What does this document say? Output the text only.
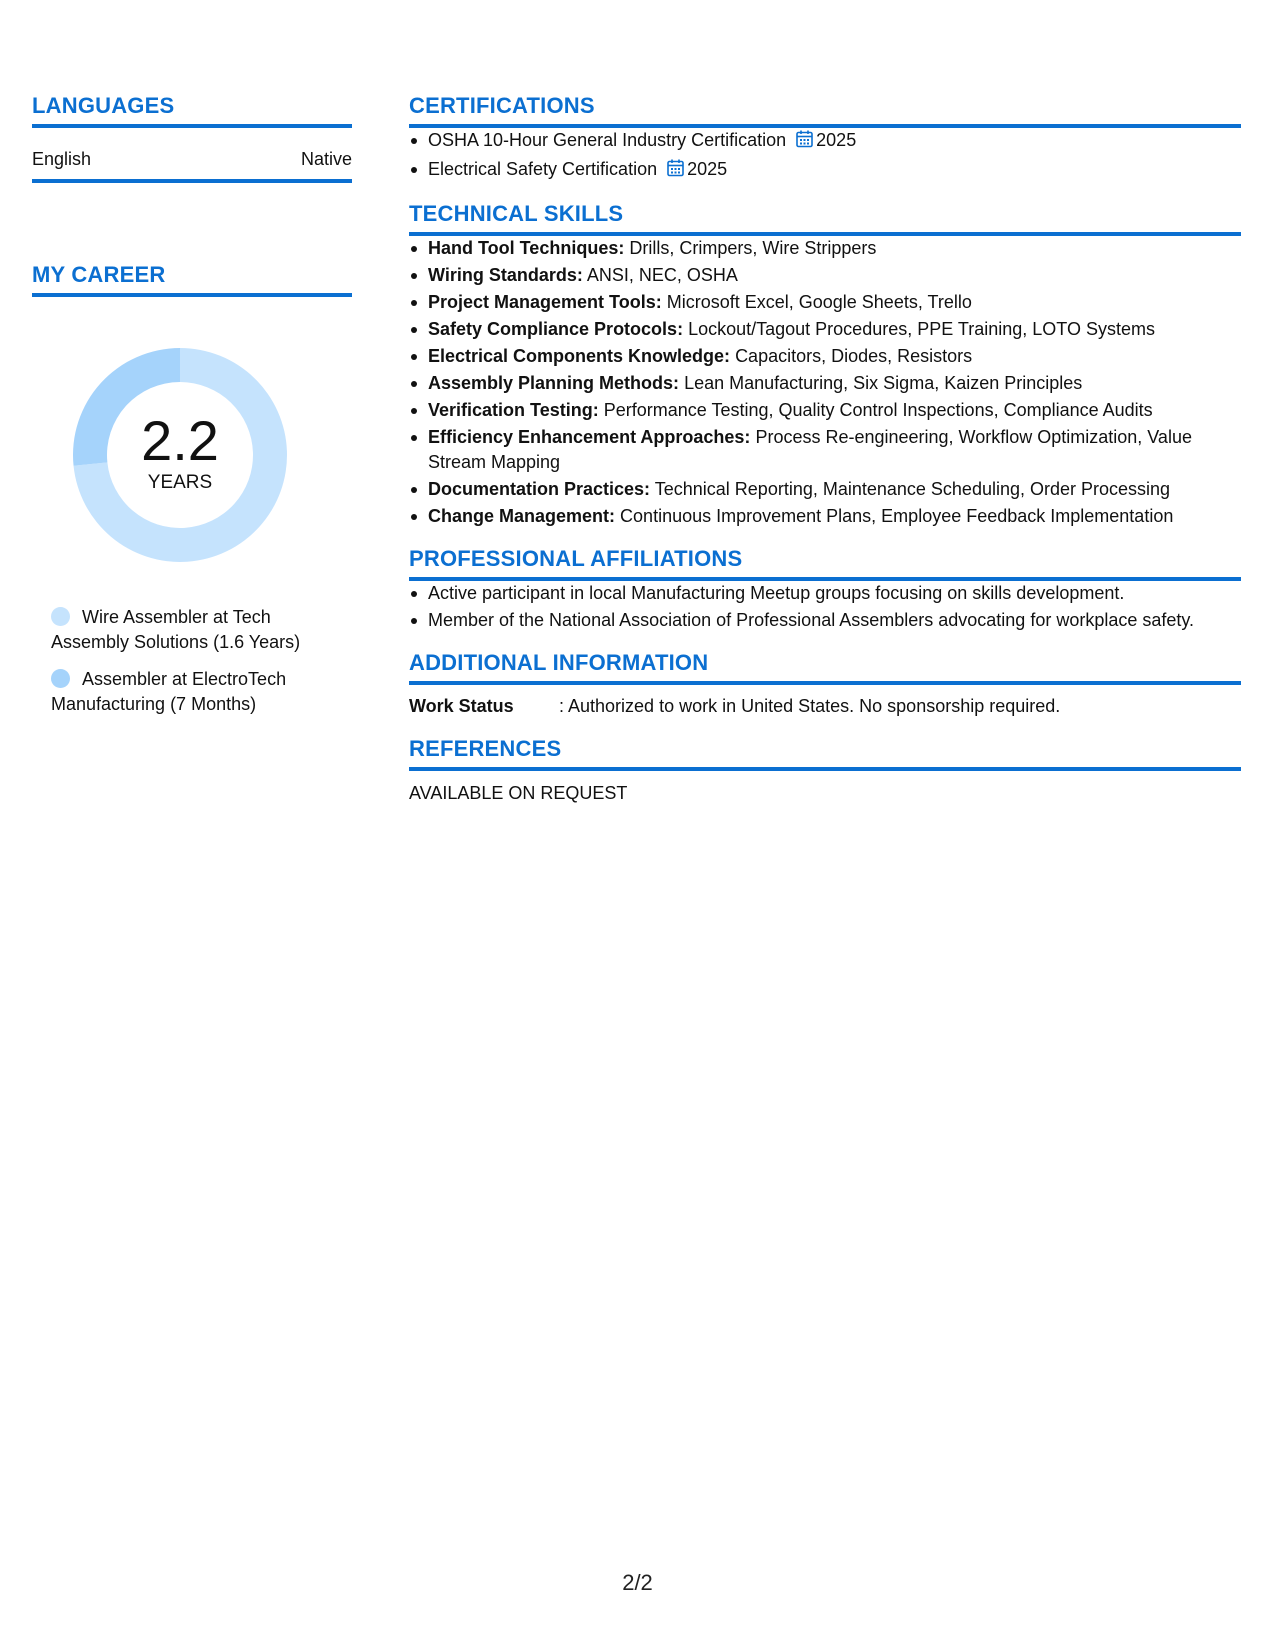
LANGUAGES
English	Native
MY CAREER
2.2
YEARS
Wire Assembler at Tech Assembly Solutions (1.6 Years)
Assembler at ElectroTech Manufacturing (7 Months)
CERTIFICATIONS
OSHA 10-Hour General Industry Certification 2025
Electrical Safety Certification 2025
TECHNICAL SKILLS
Hand Tool Techniques: Drills, Crimpers, Wire Strippers
Wiring Standards: ANSI, NEC, OSHA
Project Management Tools: Microsoft Excel, Google Sheets, Trello
Safety Compliance Protocols: Lockout/Tagout Procedures, PPE Training, LOTO Systems
Electrical Components Knowledge: Capacitors, Diodes, Resistors
Assembly Planning Methods: Lean Manufacturing, Six Sigma, Kaizen Principles
Verification Testing: Performance Testing, Quality Control Inspections, Compliance Audits
Efficiency Enhancement Approaches: Process Re-engineering, Workflow Optimization, Value Stream Mapping
Documentation Practices: Technical Reporting, Maintenance Scheduling, Order Processing
Change Management: Continuous Improvement Plans, Employee Feedback Implementation
PROFESSIONAL AFFILIATIONS
Active participant in local Manufacturing Meetup groups focusing on skills development.
Member of the National Association of Professional Assemblers advocating for workplace safety.
ADDITIONAL INFORMATION
Work Status	: Authorized to work in United States. No sponsorship required.
REFERENCES
AVAILABLE ON REQUEST
2/2
